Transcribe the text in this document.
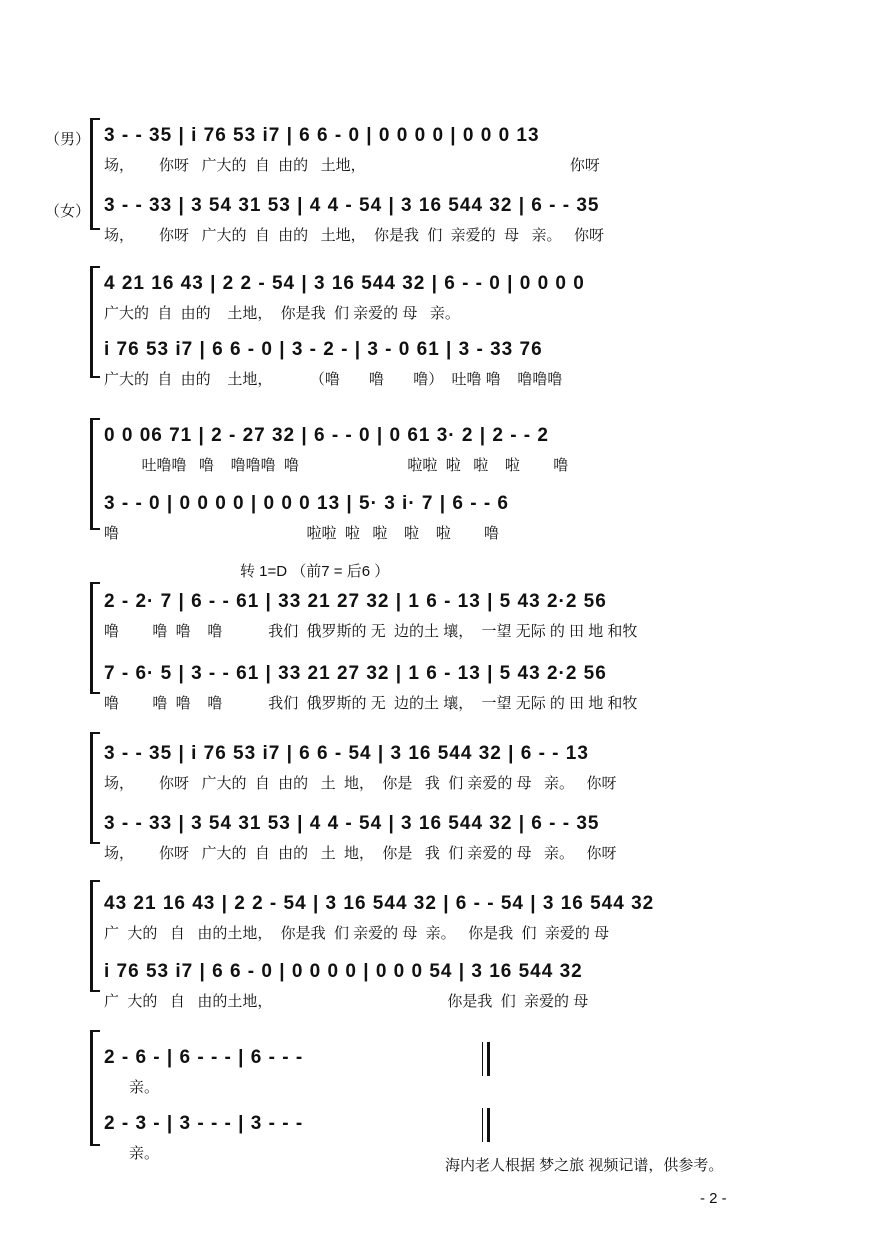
（男）
（女）
3 - - 35 | i 76 53 i7 | 6 6 - 0 | 0 0 0 0 | 0 0 0 13
场，      你呀   广大的  自  由的   土地，                                                 你呀
3 - - 33 | 3 54 31 53 | 4 4 - 54 | 3 16 544 32 | 6 - - 35
场，      你呀   广大的  自  由的   土地，  你是我  们  亲爱的  母   亲。   你呀
4 21 16 43 | 2 2 - 54 | 3 16 544 32 | 6 - - 0 | 0 0 0 0
广大的  自  由的    土地，  你是我  们 亲爱的 母   亲。
i 76 53 i7 | 6 6 - 0 | 3 - 2 - | 3 - 0 61 | 3 - 33 76
广大的  自  由的    土地，         （噜       噜       噜）  吐噜 噜    噜噜噜
0 0 06 71 | 2 - 27 32 | 6 - - 0 | 0 61 3· 2 | 2 - - 2
吐噜噜   噜    噜噜噜  噜                          啦啦  啦   啦    啦        噜
3 - - 0 | 0 0 0 0 | 0 0 0 13 | 5· 3 i· 7 | 6 - - 6
噜                                             啦啦  啦   啦    啦    啦        噜
转 1=D （前7 = 后6 ）
2 - 2· 7 | 6 - - 61 | 33 21 27 32 | 1 6 - 13 | 5 43 2·2 56
噜        噜  噜    噜           我们  俄罗斯的 无  边的土 壤，  一望 无际 的 田 地 和牧
7 - 6· 5 | 3 - - 61 | 33 21 27 32 | 1 6 - 13 | 5 43 2·2 56
噜        噜  噜    噜           我们  俄罗斯的 无  边的土 壤，  一望 无际 的 田 地 和牧
3 - - 35 | i 76 53 i7 | 6 6 - 54 | 3 16 544 32 | 6 - - 13
场，      你呀   广大的  自  由的   土  地，  你是   我  们 亲爱的 母   亲。   你呀
3 - - 33 | 3 54 31 53 | 4 4 - 54 | 3 16 544 32 | 6 - - 35
场，      你呀   广大的  自  由的   土  地，  你是   我  们 亲爱的 母   亲。   你呀
43 21 16 43 | 2 2 - 54 | 3 16 544 32 | 6 - - 54 | 3 16 544 32
广  大的   自   由的土地，  你是我  们 亲爱的 母  亲。   你是我  们  亲爱的 母
i 76 53 i7 | 6 6 - 0 | 0 0 0 0 | 0 0 0 54 | 3 16 544 32
广  大的   自   由的土地，                                          你是我  们  亲爱的 母
2 - 6 - | 6 - - - | 6 - - -
亲。
2 - 3 - | 3 - - - | 3 - - -
亲。
海内老人根据 梦之旅 视频记谱，供参考。
- 2 -
